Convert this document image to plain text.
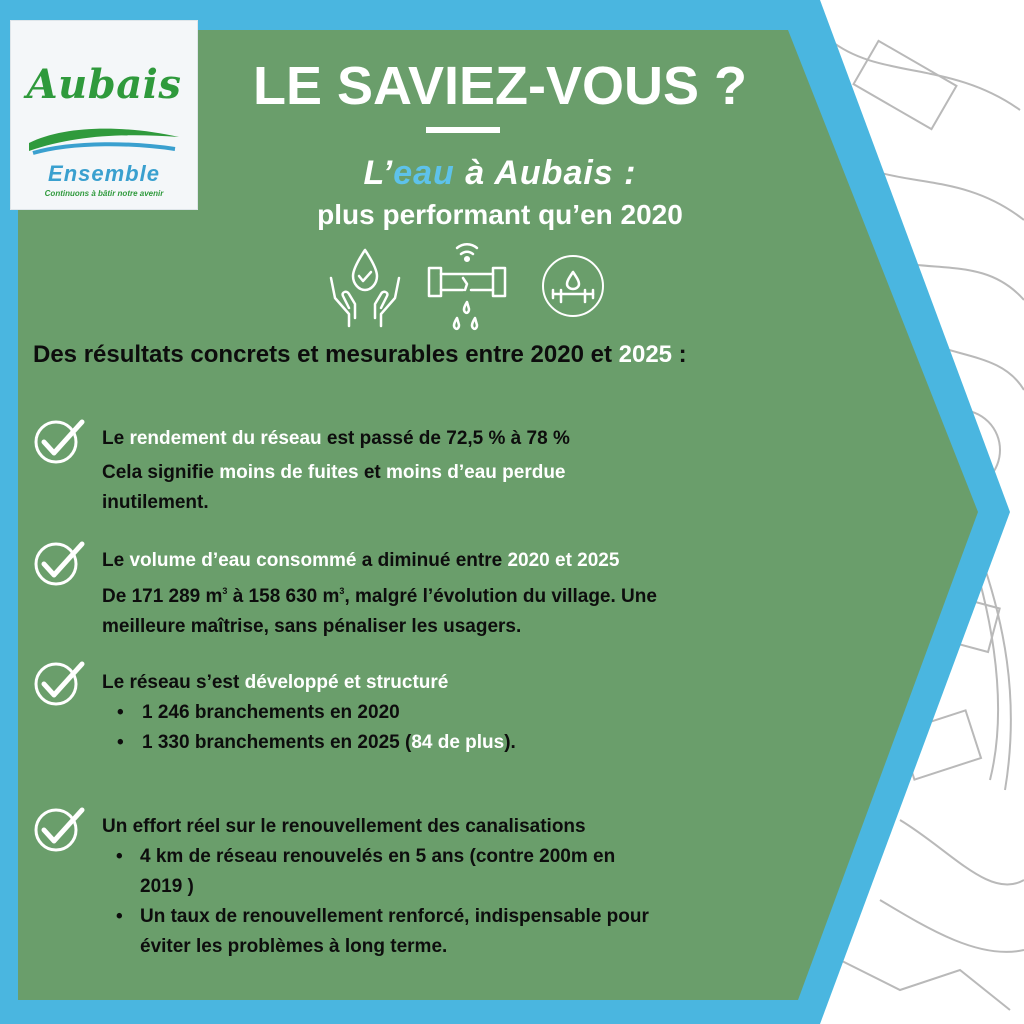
Aubais
Ensemble
Continuons à bâtir notre avenir
LE SAVIEZ-VOUS ?
L’eau à Aubais :
plus performant qu’en 2020
Des résultats concrets et mesurables entre 2020 et 2025 :

Le rendement du réseau est passé de 72,5 % à 78 %

Cela signifie moins de fuites et moins d’eau perdue

inutilement.

Le volume d’eau consommé a diminué entre 2020 et 2025

De 171 289 $m^3$ à 158 630 $m^3$, malgré l’évolution du village. Une

meilleure maîtrise, sans pénaliser les usagers.

Le réseau s’est développé et structuré

• 1 246 branchements en 2020

• 1 330 branchements en 2025 (84 de plus).

Un effort réel sur le renouvellement des canalisations

• 4 km de réseau renouvelés en 5 ans (contre 200m en

2019 )

• Un taux de renouvellement renforcé, indispensable pour

éviter les problèmes à long terme.
